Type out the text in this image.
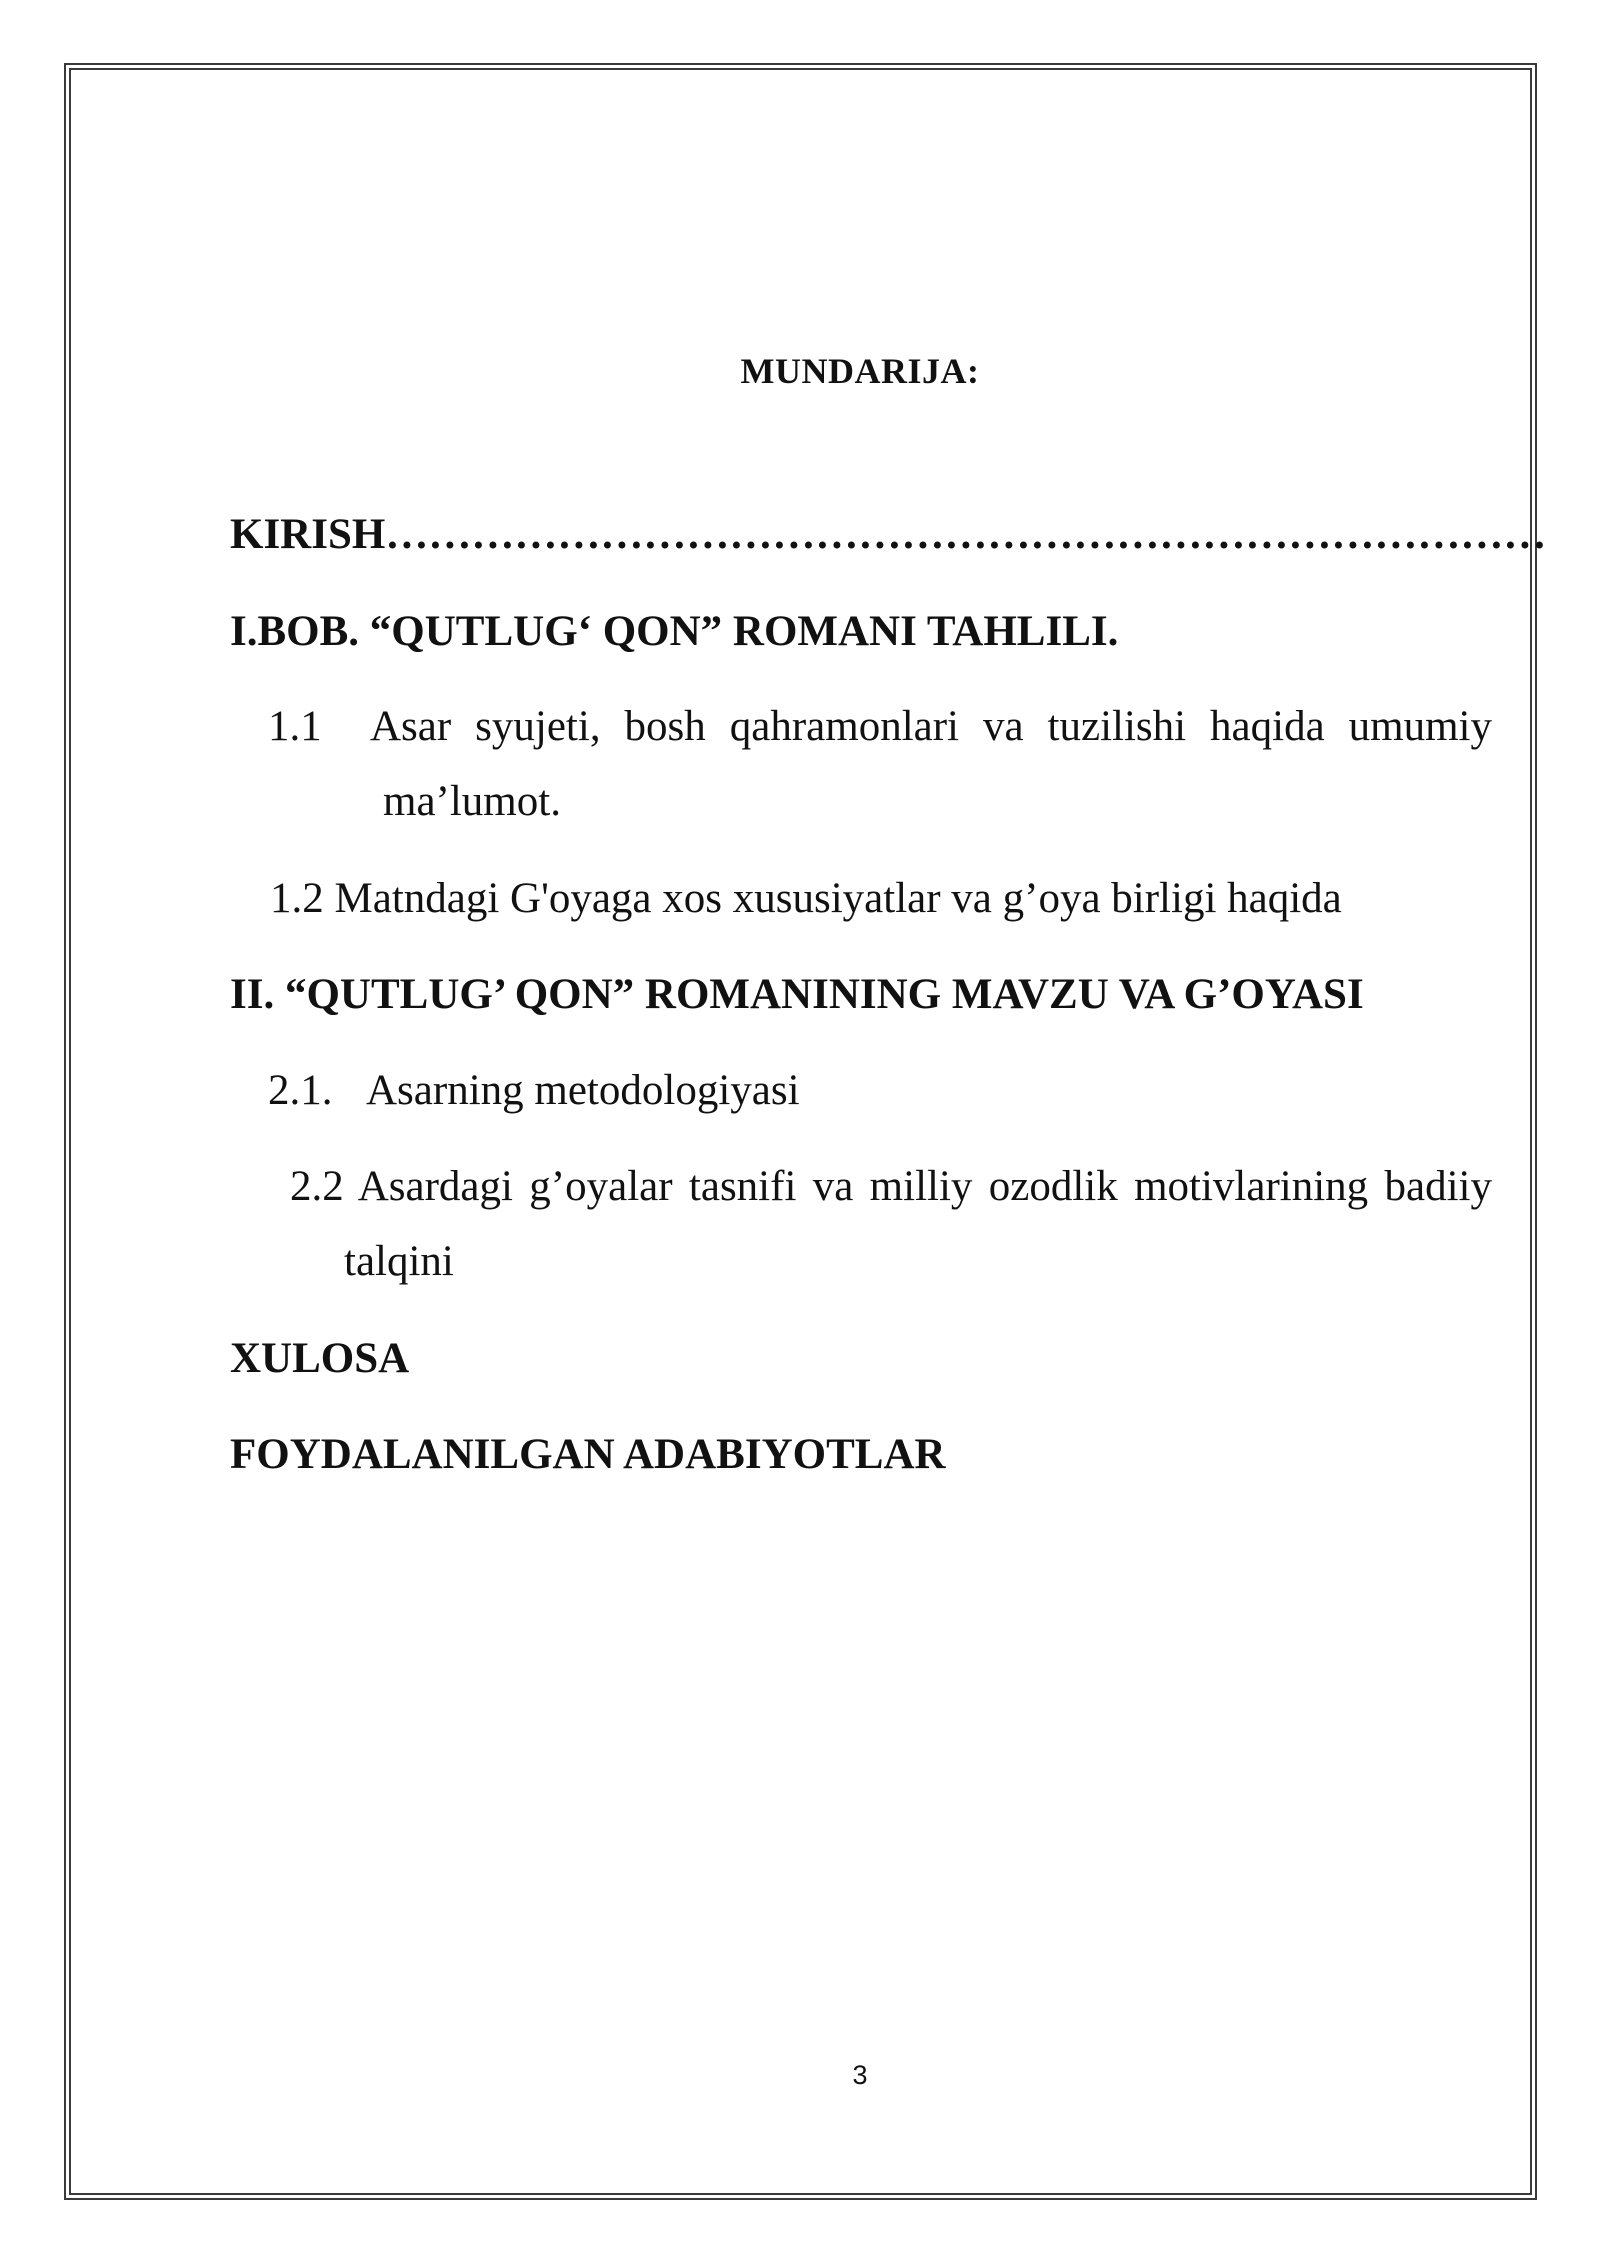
MUNDARIJA:
KIRISH………………………………………………………………………
I.BOB. “QUTLUG‘ QON” ROMANI TAHLILI.
1.1 Asar syujeti, bosh qahramonlari va tuzilishi haqida umumiy
ma’lumot.
1.2 Matndagi G'oyaga xos xususiyatlar va g’oya birligi haqida
II. “QUTLUG’ QON” ROMANINING MAVZU VA G’OYASI
2.1. Asarning metodologiyasi
2.2 Asardagi g’oyalar tasnifi va milliy ozodlik motivlarining badiiy
talqini
XULOSA
FOYDALANILGAN ADABIYOTLAR
3
